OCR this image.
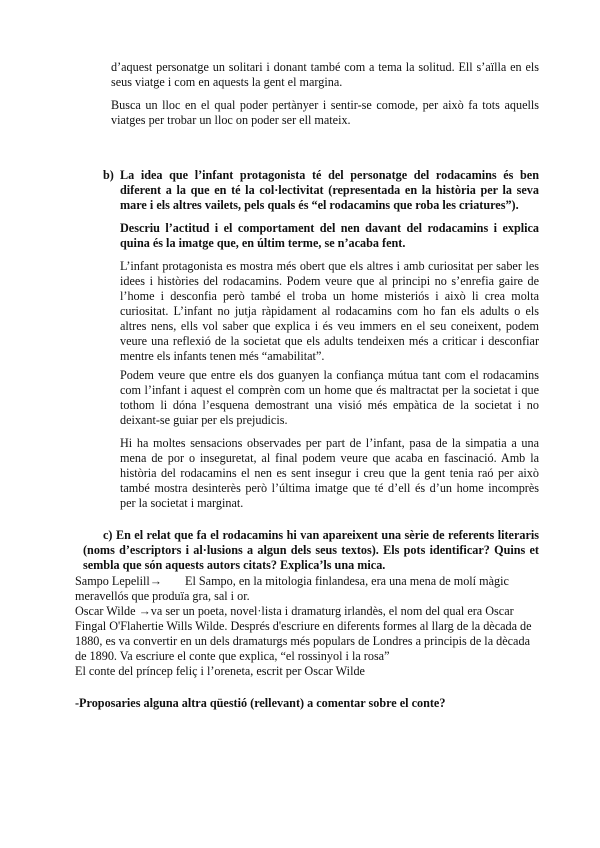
d’aquest personatge un solitari i donant també com a tema la solitud. Ell s’aïlla en els seus viatge i com en aquests la gent el margina.
Busca un lloc en el qual poder pertànyer i sentir-se comode, per això fa tots aquells viatges per trobar un lloc on poder ser ell mateix.
b) La idea que l’infant protagonista té del personatge del rodacamins és ben diferent a la que en té la col·lectivitat (representada en la història per la seva mare i els altres vailets, pels quals és “el rodacamins que roba les criatures”).
Descriu l’actitud i el comportament del nen davant del rodacamins i explica quina és la imatge que, en últim terme, se n’acaba fent.
L’infant protagonista es mostra més obert que els altres i amb curiositat per saber les idees i històries del rodacamins. Podem veure que al principi no s’enrefia gaire de l’home i desconfia però també el troba un home misteriós i això li crea molta curiositat. L’infant no jutja ràpidament al rodacamins com ho fan els adults o els altres nens, ells vol saber que explica i és veu immers en el seu coneixent, podem veure una reflexió de la societat que els adults tendeixen més a criticar i desconfiar mentre els infants tenen més “amabilitat”.
Podem veure que entre els dos guanyen la confiança mútua tant com el rodacamins com l’infant i aquest el comprèn com un home que és maltractat per la societat i que tothom li dóna l’esquena demostrant una visió més empàtica de la societat i no deixant-se guiar per els prejudicis.
Hi ha moltes sensacions observades per part de l’infant, pasa de la simpatia a una mena de por o inseguretat, al final podem veure que acaba en fascinació. Amb la història del rodacamins el nen es sent insegur i creu que la gent tenia raó per això també mostra desinterès però l’última imatge que té d’ell és d’un home incomprès per la societat i marginat.
c) En el relat que fa el rodacamins hi van apareixent una sèrie de referents literaris (noms d’escriptors i al·lusions a algun dels seus textos). Els pots identificar? Quins et sembla que són aquests autors citats? Explica’ls una mica.
Sampo Lepelill→ El Sampo, en la mitologia finlandesa, era una mena de molí màgic
meravellós que produïa gra, sal i or.
Oscar Wilde →va ser un poeta, novel·lista i dramaturg irlandès, el nom del qual era Oscar
Fingal O'Flahertie Wills Wilde. Després d'escriure en diferents formes al llarg de la dècada de
1880, es va convertir en un dels dramaturgs més populars de Londres a principis de la dècada
de 1890. Va escriure el conte que explica, “el rossinyol i la rosa”
El conte del príncep feliç i l’oreneta, escrit per Oscar Wilde
-Proposaries alguna altra qüestió (rellevant) a comentar sobre el conte?
